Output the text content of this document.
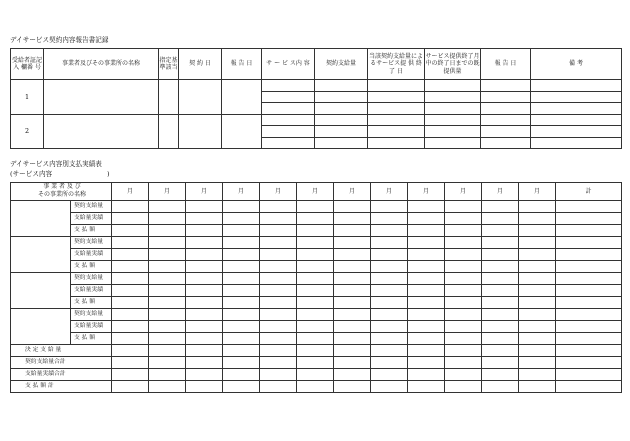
デイサービス契約内容報告書記録
受給者証記 入 欄番 号	事業者及びその事業所の名称	指定基準該当	契 約 日	報 告 日	サ ー ビ ス内 容	契約支給量	当該契約支給量によるサービス提 供 終 了 日	サービス提供終了月中の終了日までの既提供量	報 告 日	備 考
1										

2										

デイサービス内容別支払実績表
(サービス内容 　　　　　　　　)
事 業 者 及 び
その事業所の名称		月	月	月	月	月	月	月	月	月	月	月	月	計
	契約支給量													
	支給量実績													
	支 払 額													
	契約支給量													
	支給量実績													
	支 払 額													
	契約支給量													
	支給量実績													
	支 払 額													
	契約支給量													
	支給量実績													
	支 払 額													
決 定 支 給 量														
契約支給量合計														
支給量実績合計														
支 払 額 計														
